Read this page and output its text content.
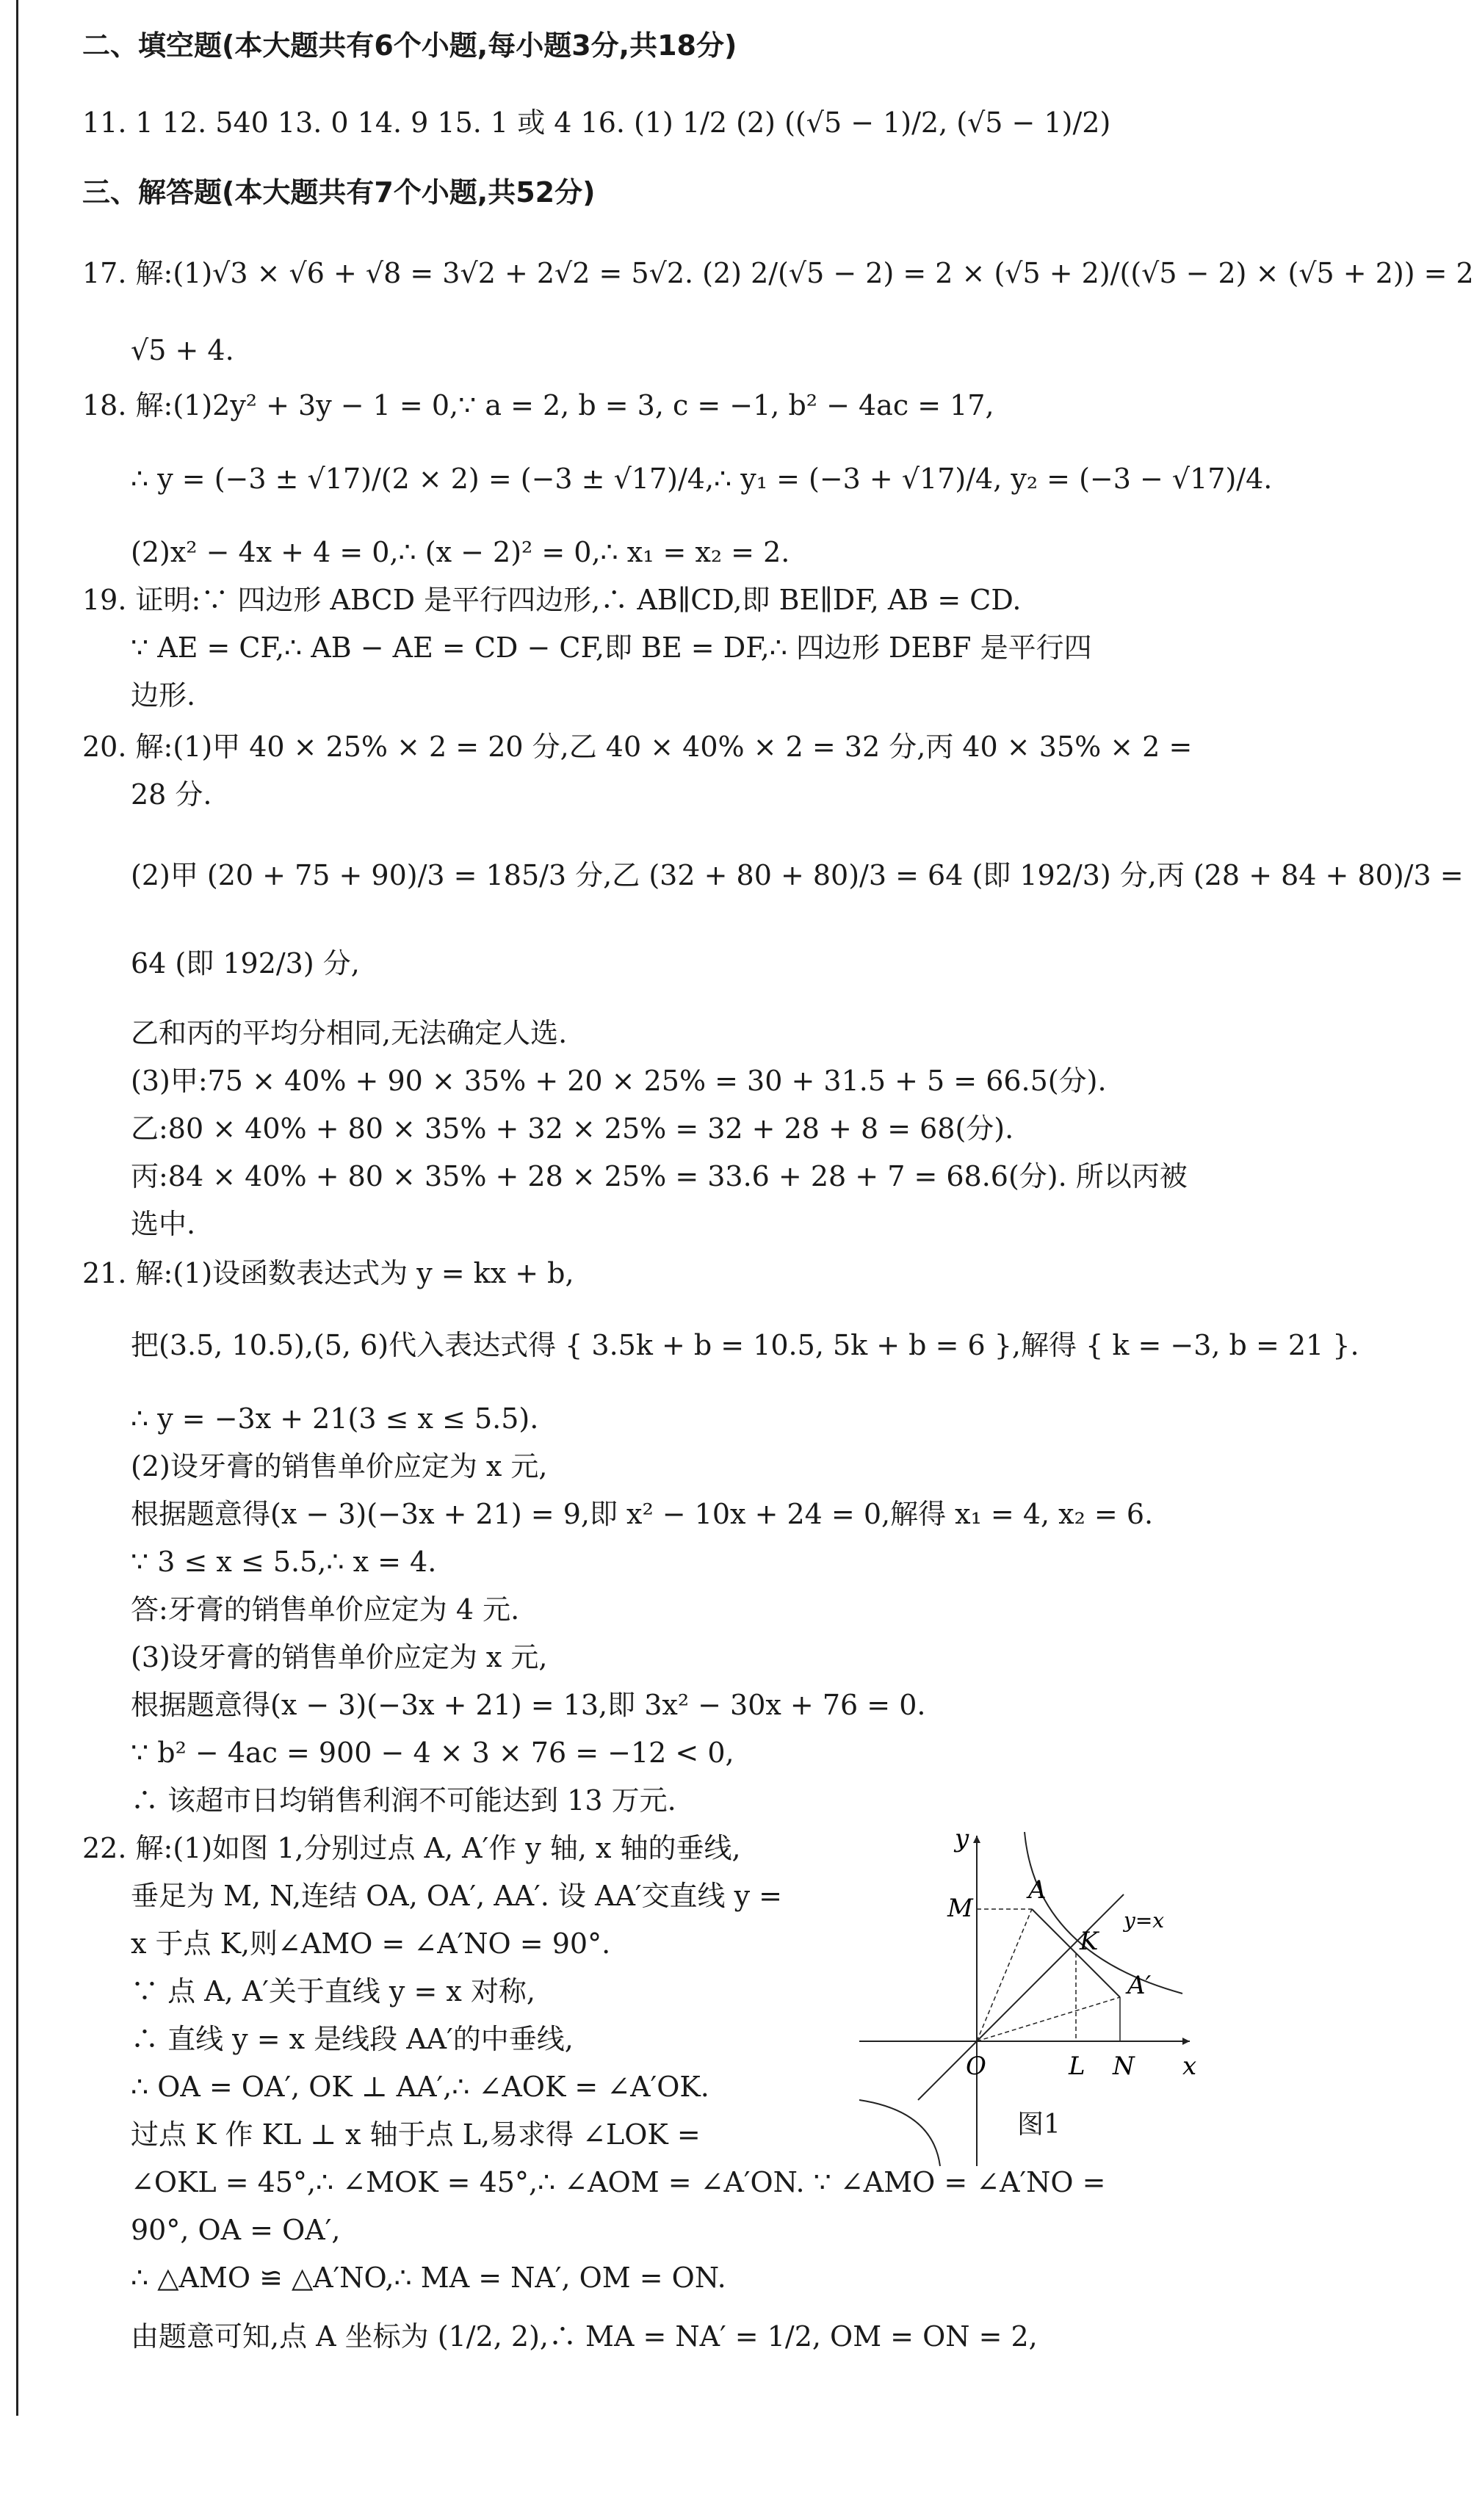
二、填空题(本大题共有6个小题,每小题3分,共18分)
11. 1 12. 540 13. 0 14. 9 15. 1 或 4 16. (1) 1/2 (2) ((√5 − 1)/2, (√5 − 1)/2)
三、解答题(本大题共有7个小题,共52分)
17. 解:(1)√3 × √6 + √8 = 3√2 + 2√2 = 5√2. (2) 2/(√5 − 2) = 2 × (√5 + 2)/((√5 − 2) × (√5 + 2)) = 2
√5 + 4.
18. 解:(1)2y² + 3y − 1 = 0,∵ a = 2, b = 3, c = −1, b² − 4ac = 17,
∴ y = (−3 ± √17)/(2 × 2) = (−3 ± √17)/4,∴ y₁ = (−3 + √17)/4, y₂ = (−3 − √17)/4.
(2)x² − 4x + 4 = 0,∴ (x − 2)² = 0,∴ x₁ = x₂ = 2.
19. 证明:∵ 四边形 ABCD 是平行四边形,∴ AB∥CD,即 BE∥DF, AB = CD.
∵ AE = CF,∴ AB − AE = CD − CF,即 BE = DF,∴ 四边形 DEBF 是平行四
边形.
20. 解:(1)甲 40 × 25% × 2 = 20 分,乙 40 × 40% × 2 = 32 分,丙 40 × 35% × 2 =
28 分.
(2)甲 (20 + 75 + 90)/3 = 185/3 分,乙 (32 + 80 + 80)/3 = 64 (即 192/3) 分,丙 (28 + 84 + 80)/3 =
64 (即 192/3) 分,
乙和丙的平均分相同,无法确定人选.
(3)甲:75 × 40% + 90 × 35% + 20 × 25% = 30 + 31.5 + 5 = 66.5(分).
乙:80 × 40% + 80 × 35% + 32 × 25% = 32 + 28 + 8 = 68(分).
丙:84 × 40% + 80 × 35% + 28 × 25% = 33.6 + 28 + 7 = 68.6(分). 所以丙被
选中.
21. 解:(1)设函数表达式为 y = kx + b,
把(3.5, 10.5),(5, 6)代入表达式得 { 3.5k + b = 10.5, 5k + b = 6 },解得 { k = −3, b = 21 }.
∴ y = −3x + 21(3 ≤ x ≤ 5.5).
(2)设牙膏的销售单价应定为 x 元,
根据题意得(x − 3)(−3x + 21) = 9,即 x² − 10x + 24 = 0,解得 x₁ = 4, x₂ = 6.
∵ 3 ≤ x ≤ 5.5,∴ x = 4.
答:牙膏的销售单价应定为 4 元.
(3)设牙膏的销售单价应定为 x 元,
根据题意得(x − 3)(−3x + 21) = 13,即 3x² − 30x + 76 = 0.
∵ b² − 4ac = 900 − 4 × 3 × 76 = −12 < 0,
∴ 该超市日均销售利润不可能达到 13 万元.
22. 解:(1)如图 1,分别过点 A, A′作 y 轴, x 轴的垂线,
垂足为 M, N,连结 OA, OA′, AA′. 设 AA′交直线 y =
x 于点 K,则∠AMO = ∠A′NO = 90°.
∵ 点 A, A′关于直线 y = x 对称,
∴ 直线 y = x 是线段 AA′的中垂线,
∴ OA = OA′, OK ⊥ AA′,∴ ∠AOK = ∠A′OK.
过点 K 作 KL ⊥ x 轴于点 L,易求得 ∠LOK =
∠OKL = 45°,∴ ∠MOK = 45°,∴ ∠AOM = ∠A′ON. ∵ ∠AMO = ∠A′NO =
90°, OA = OA′,
∴ △AMO ≌ △A′NO,∴ MA = NA′, OM = ON.
由题意可知,点 A 坐标为 (1/2, 2),∴ MA = NA′ = 1/2, OM = ON = 2,
y
x
O
A
M
K
A′
L N
y=x
图1
